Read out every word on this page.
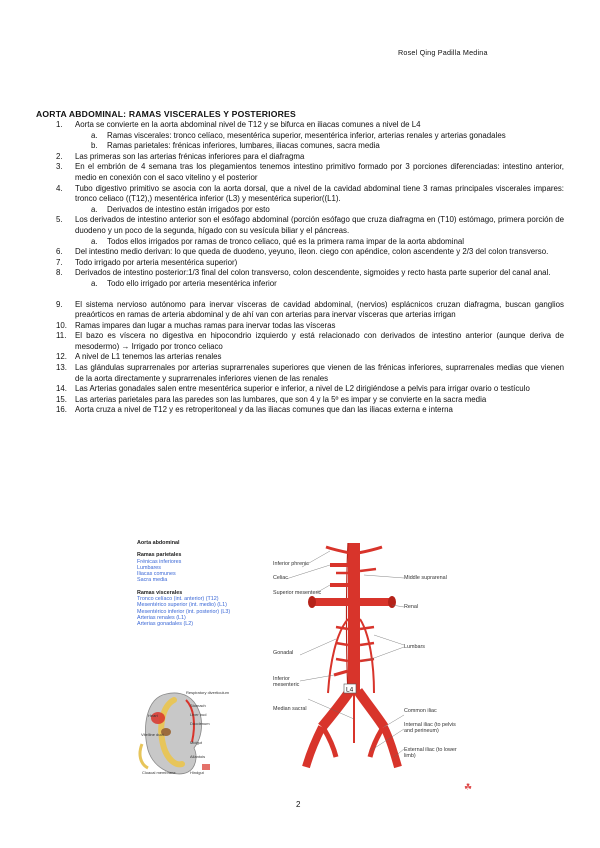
Rosel Qing Padilla Medina
AORTA ABDOMINAL: RAMAS VISCERALES Y POSTERIORES
1. Aorta se convierte en la aorta abdominal nivel de T12 y se bifurca en iliacas comunes a nivel de L4
a. Ramas viscerales: tronco celíaco, mesentérica superior, mesentérica inferior, arterias renales y arterias gonadales
b. Ramas parietales: frénicas inferiores, lumbares, iliacas comunes, sacra media
2. Las primeras son las arterias frénicas inferiores para el diafragma
3. En el embrión de 4 semana tras los plegamientos tenemos intestino primitivo formado por 3 porciones diferenciadas: intestino anterior, medio en conexión con el saco vitelino y el posterior
4. Tubo digestivo primitivo se asocia con la aorta dorsal, que a nivel de la cavidad abdominal tiene 3 ramas principales viscerales impares: tronco celiaco ((T12),) mesentérica inferior (L3) y mesentérica superior((L1).
a. Derivados de intestino están irrigados por esto
5. Los derivados de intestino anterior son el esófago abdominal (porción esófago que cruza diafragma en (T10) estómago, primera porción de duodeno y un poco de la segunda, hígado con su vesícula biliar y el páncreas.
a. Todos ellos irrigados por ramas de tronco celiaco, qué es la primera rama impar de la aorta abdominal
6. Del intestino medio derivan: lo que queda de duodeno, yeyuno, íleon. ciego con apéndice, colon ascendente y 2/3 del colon transverso.
7. Todo irrigado por arteria mesentérica superior)
8. Derivados de intestino posterior:1/3 final del colon transverso, colon descendente, sigmoides y recto hasta parte superior del canal anal.
a. Todo ello irrigado por arteria mesentérica inferior
9. El sistema nervioso autónomo para inervar vísceras de cavidad abdominal, (nervios) esplácnicos cruzan diafragma, buscan ganglios preaórticos en ramas de arteria abdominal y de ahí van con arterias para inervar vísceras que arterias irrigan
10. Ramas impares dan lugar a muchas ramas para inervar todas las vísceras
11. El bazo es víscera no digestiva en hipocondrio izquierdo y está relacionado con derivados de intestino anterior (aunque deriva de mesodermo) → Irrigado por tronco celiaco
12. A nivel de L1 tenemos las arterias renales
13. Las glándulas suprarrenales por arterias suprarrenales superiores que vienen de las frénicas inferiores, suprarrenales medias que vienen de la aorta directamente y suprarrenales inferiores vienen de las renales
14. Las Arterias gonadales salen entre mesentérica superior e inferior, a nivel de L2 dirigiéndose a pelvis para irrigar ovario o testículo
15. Las arterias parietales para las paredes son las lumbares, que son 4 y la 5º es impar y se convierte en la sacra media
16. Aorta cruza a nivel de T12 y es retroperitoneal y da las iliacas comunes que dan las iliacas externa e interna
Aorta abdominal
Ramas parietales
Frénicas inferiores
Lumbares
Iliacas comunes
Sacra media
Ramas viscerales
Tronco celíaco (int. anterior) (T12)
Mesentérico superior (int. medio) (L1)
Mesentérico inferior (int. posterior) (L3)
Arterias renales (L1)
Arterias gonadales (L2)
Respiratory diverticulum
Stomach
Heart	Liver bud
Duodenum
Vitelline duct
Midgut
Allantois
Cloacal membrane	Hindgut
L4
Inferior phrenic
Celiac
Superior mesenteric
Gonadal
Inferior mesenteric
Median sacral
Middle suprarenal
Renal
Lumbars
Common iliac
Internal iliac (to pelvis and perineum)
External iliac (to lower limb)
☘
2
